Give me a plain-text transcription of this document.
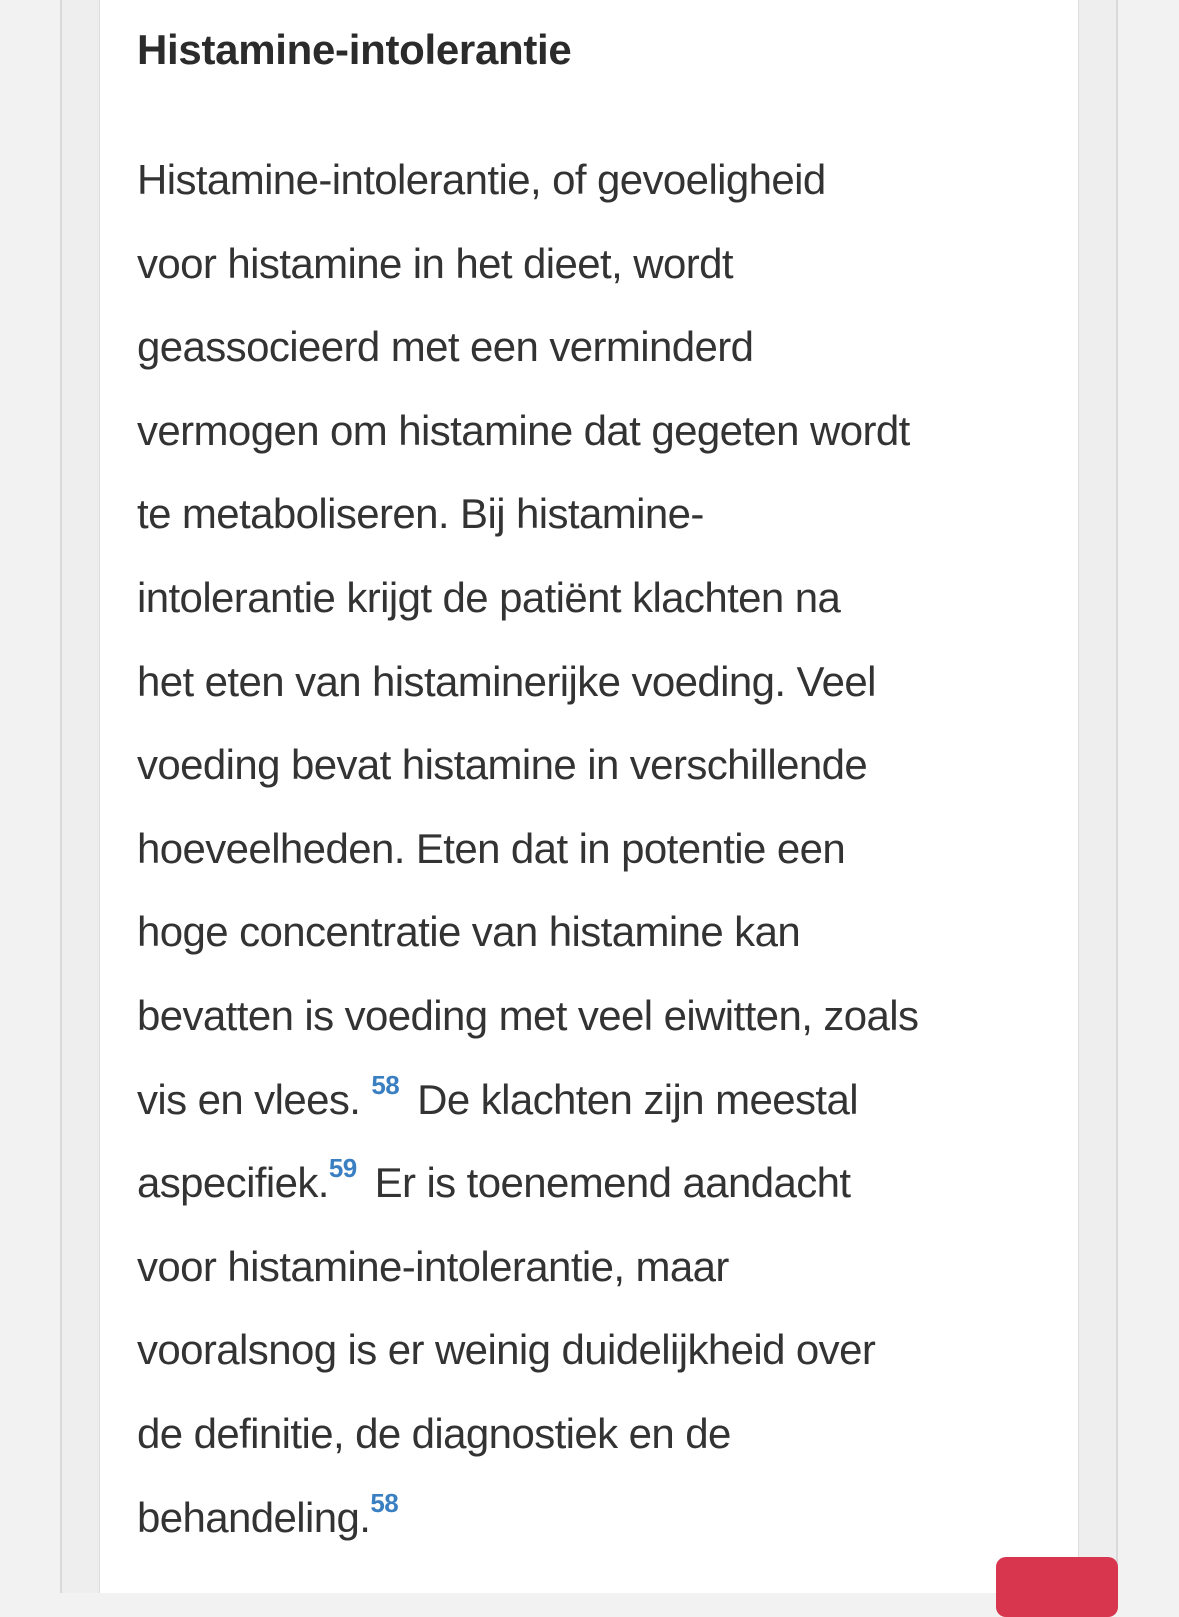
Histamine-intolerantie

Histamine-intolerantie, of gevoeligheid
voor histamine in het dieet, wordt
geassocieerd met een verminderd
vermogen om histamine dat gegeten wordt
te metaboliseren. Bij histamine-
intolerantie krijgt de patiënt klachten na
het eten van histaminerijke voeding. Veel
voeding bevat histamine in verschillende
hoeveelheden. Eten dat in potentie een
hoge concentratie van histamine kan
bevatten is voeding met veel eiwitten, zoals
vis en vlees. $^{58}$ De klachten zijn meestal
aspecifiek.$^{59}$ Er is toenemend aandacht
voor histamine-intolerantie, maar
vooralsnog is er weinig duidelijkheid over
de definitie, de diagnostiek en de
behandeling.$^{58}$
